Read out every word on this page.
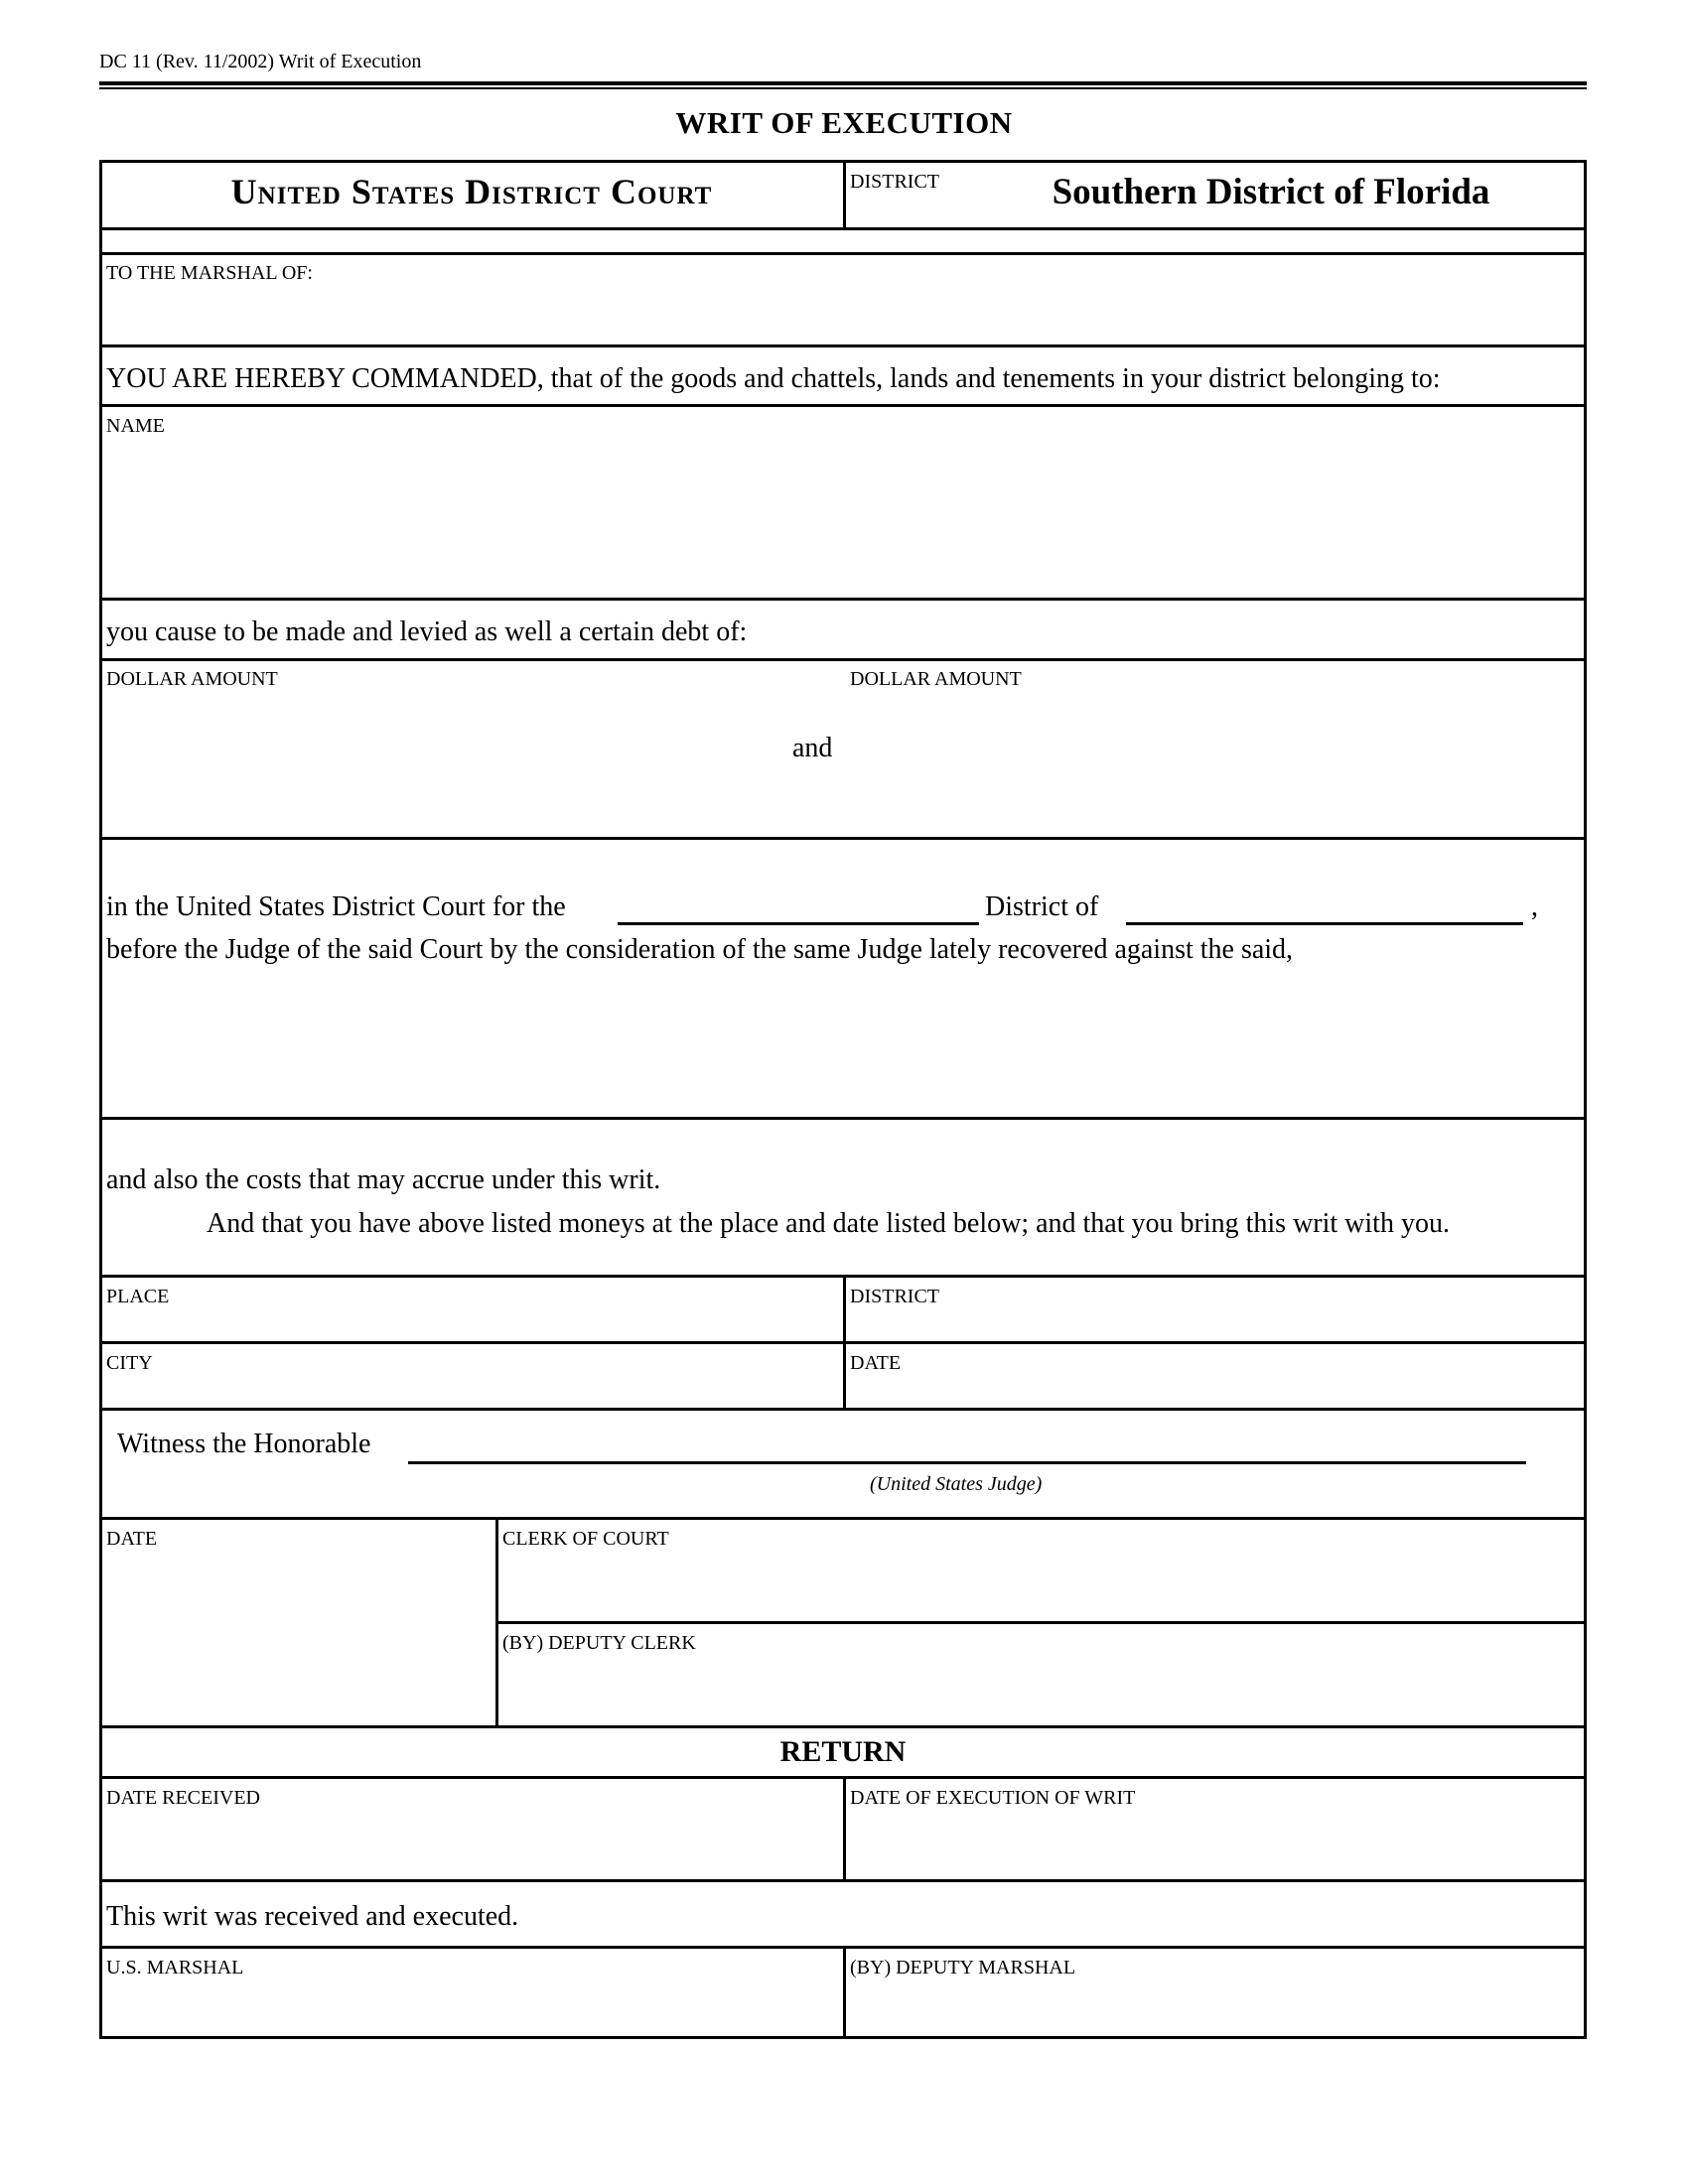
DC 11 (Rev. 11/2002) Writ of Execution
WRIT OF EXECUTION
United States District Court	DISTRICT	Southern District of Florida
TO THE MARSHAL OF:
YOU ARE HEREBY COMMANDED, that of the goods and chattels, lands and tenements in your district belonging to:
NAME
you cause to be made and levied as well a certain debt of:
DOLLAR AMOUNT	DOLLAR AMOUNT
and
in the United States District Court for the	District of	,
before the Judge of the said Court by the consideration of the same Judge lately recovered against the said,
and also the costs that may accrue under this writ.
And that you have above listed moneys at the place and date listed below; and that you bring this writ with you.
PLACE	DISTRICT
CITY	DATE
Witness the Honorable
(United States Judge)
DATE	CLERK OF COURT
(BY) DEPUTY CLERK
RETURN
DATE RECEIVED	DATE OF EXECUTION OF WRIT
This writ was received and executed.
U.S. MARSHAL	(BY) DEPUTY MARSHAL
